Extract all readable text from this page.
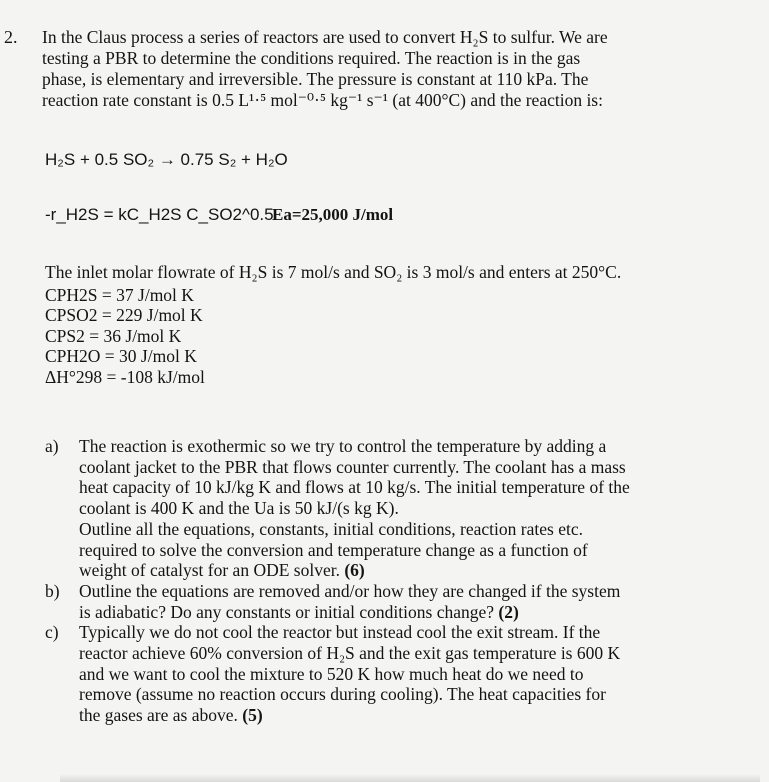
2. In the Claus process a series of reactors are used to convert H₂S to sulfur. We are
testing a PBR to determine the conditions required. The reaction is in the gas
phase, is elementary and irreversible. The pressure is constant at 110 kPa. The
reaction rate constant is 0.5 L¹·⁵ mol⁻⁰·⁵ kg⁻¹ s⁻¹ (at 400°C) and the reaction is:
H₂S + 0.5 SO₂ → 0.75 S₂ + H₂O
-r_H2S = kC_H2S C_SO2^0.5
Ea=25,000 J/mol
The inlet molar flowrate of H₂S is 7 mol/s and SO₂ is 3 mol/s and enters at 250°C.
CPH2S = 37 J/mol K
CPSO2 = 229 J/mol K
CPS2 = 36 J/mol K
CPH2O = 30 J/mol K
ΔH°298 = -108 kJ/mol
a) The reaction is exothermic so we try to control the temperature by adding a
coolant jacket to the PBR that flows counter currently. The coolant has a mass
heat capacity of 10 kJ/kg K and flows at 10 kg/s. The initial temperature of the
coolant is 400 K and the Ua is 50 kJ/(s kg K).
Outline all the equations, constants, initial conditions, reaction rates etc.
required to solve the conversion and temperature change as a function of
weight of catalyst for an ODE solver. (6)
b) Outline the equations are removed and/or how they are changed if the system
is adiabatic? Do any constants or initial conditions change? (2)
c) Typically we do not cool the reactor but instead cool the exit stream. If the
reactor achieve 60% conversion of H₂S and the exit gas temperature is 600 K
and we want to cool the mixture to 520 K how much heat do we need to
remove (assume no reaction occurs during cooling). The heat capacities for
the gases are as above. (5)
